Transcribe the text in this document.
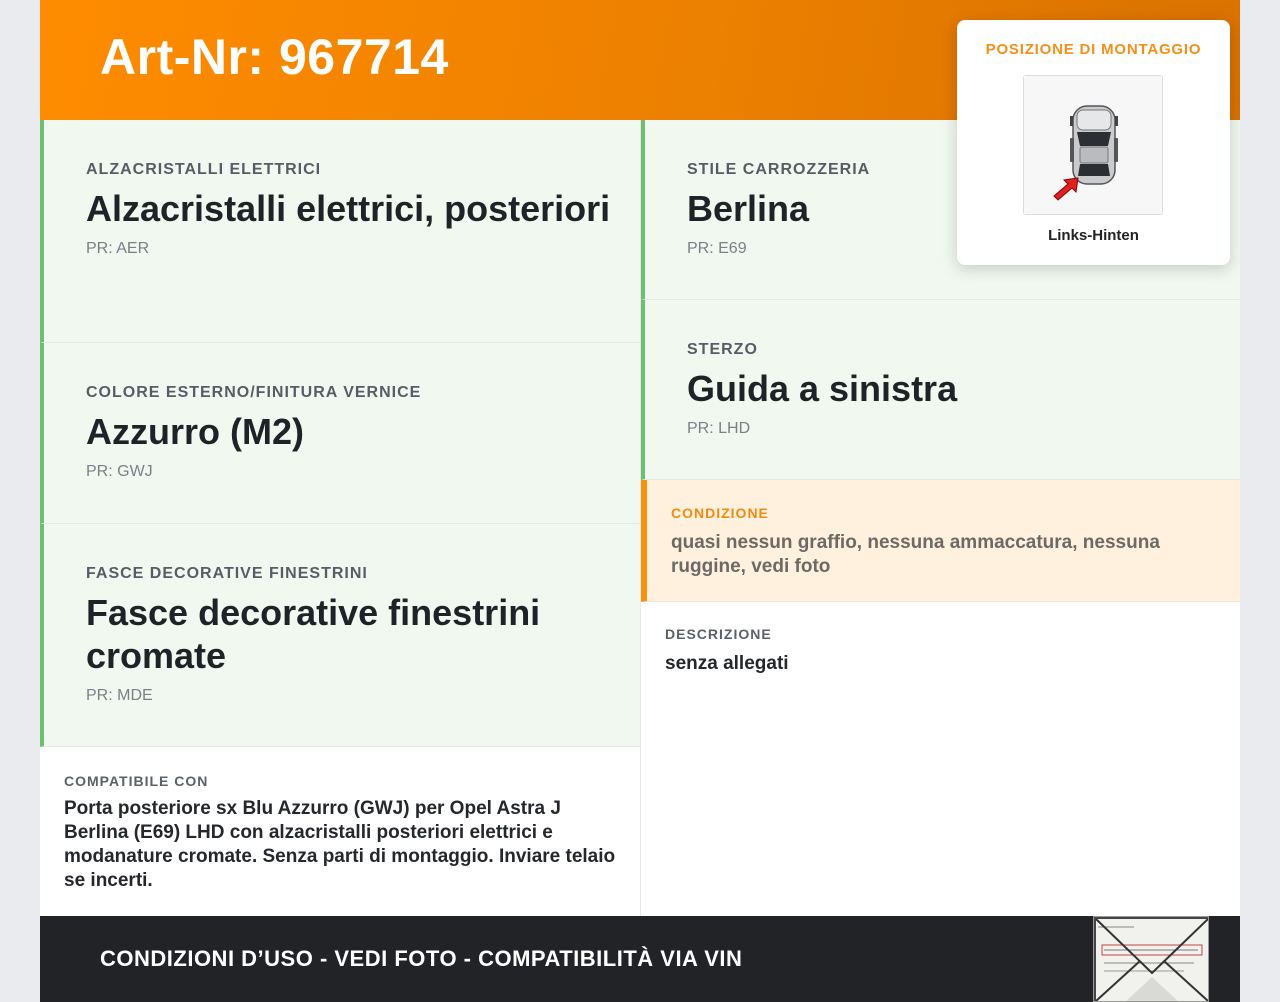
Art-Nr: 967714
ALZACRISTALLI ELETTRICI
Alzacristalli elettrici, posteriori
PR: AER
COLORE ESTERNO/FINITURA VERNICE
Azzurro (M2)
PR: GWJ
FASCE DECORATIVE FINESTRINI
Fasce decorative finestrini cromate
PR: MDE
COMPATIBILE CON
Porta posteriore sx Blu Azzurro (GWJ) per Opel Astra J Berlina (E69) LHD con alzacristalli posteriori elettrici e modanature cromate. Senza parti di montaggio. Inviare telaio se incerti.
STILE CARROZZERIA
Berlina
PR: E69
STERZO
Guida a sinistra
PR: LHD
CONDIZIONE
quasi nessun graffio, nessuna ammaccatura, nessuna ruggine, vedi foto
DESCRIZIONE
senza allegati
CONDIZIONI D’USO - VEDI FOTO - COMPATIBILITÀ VIA VIN
POSIZIONE DI MONTAGGIO
Links-Hinten
